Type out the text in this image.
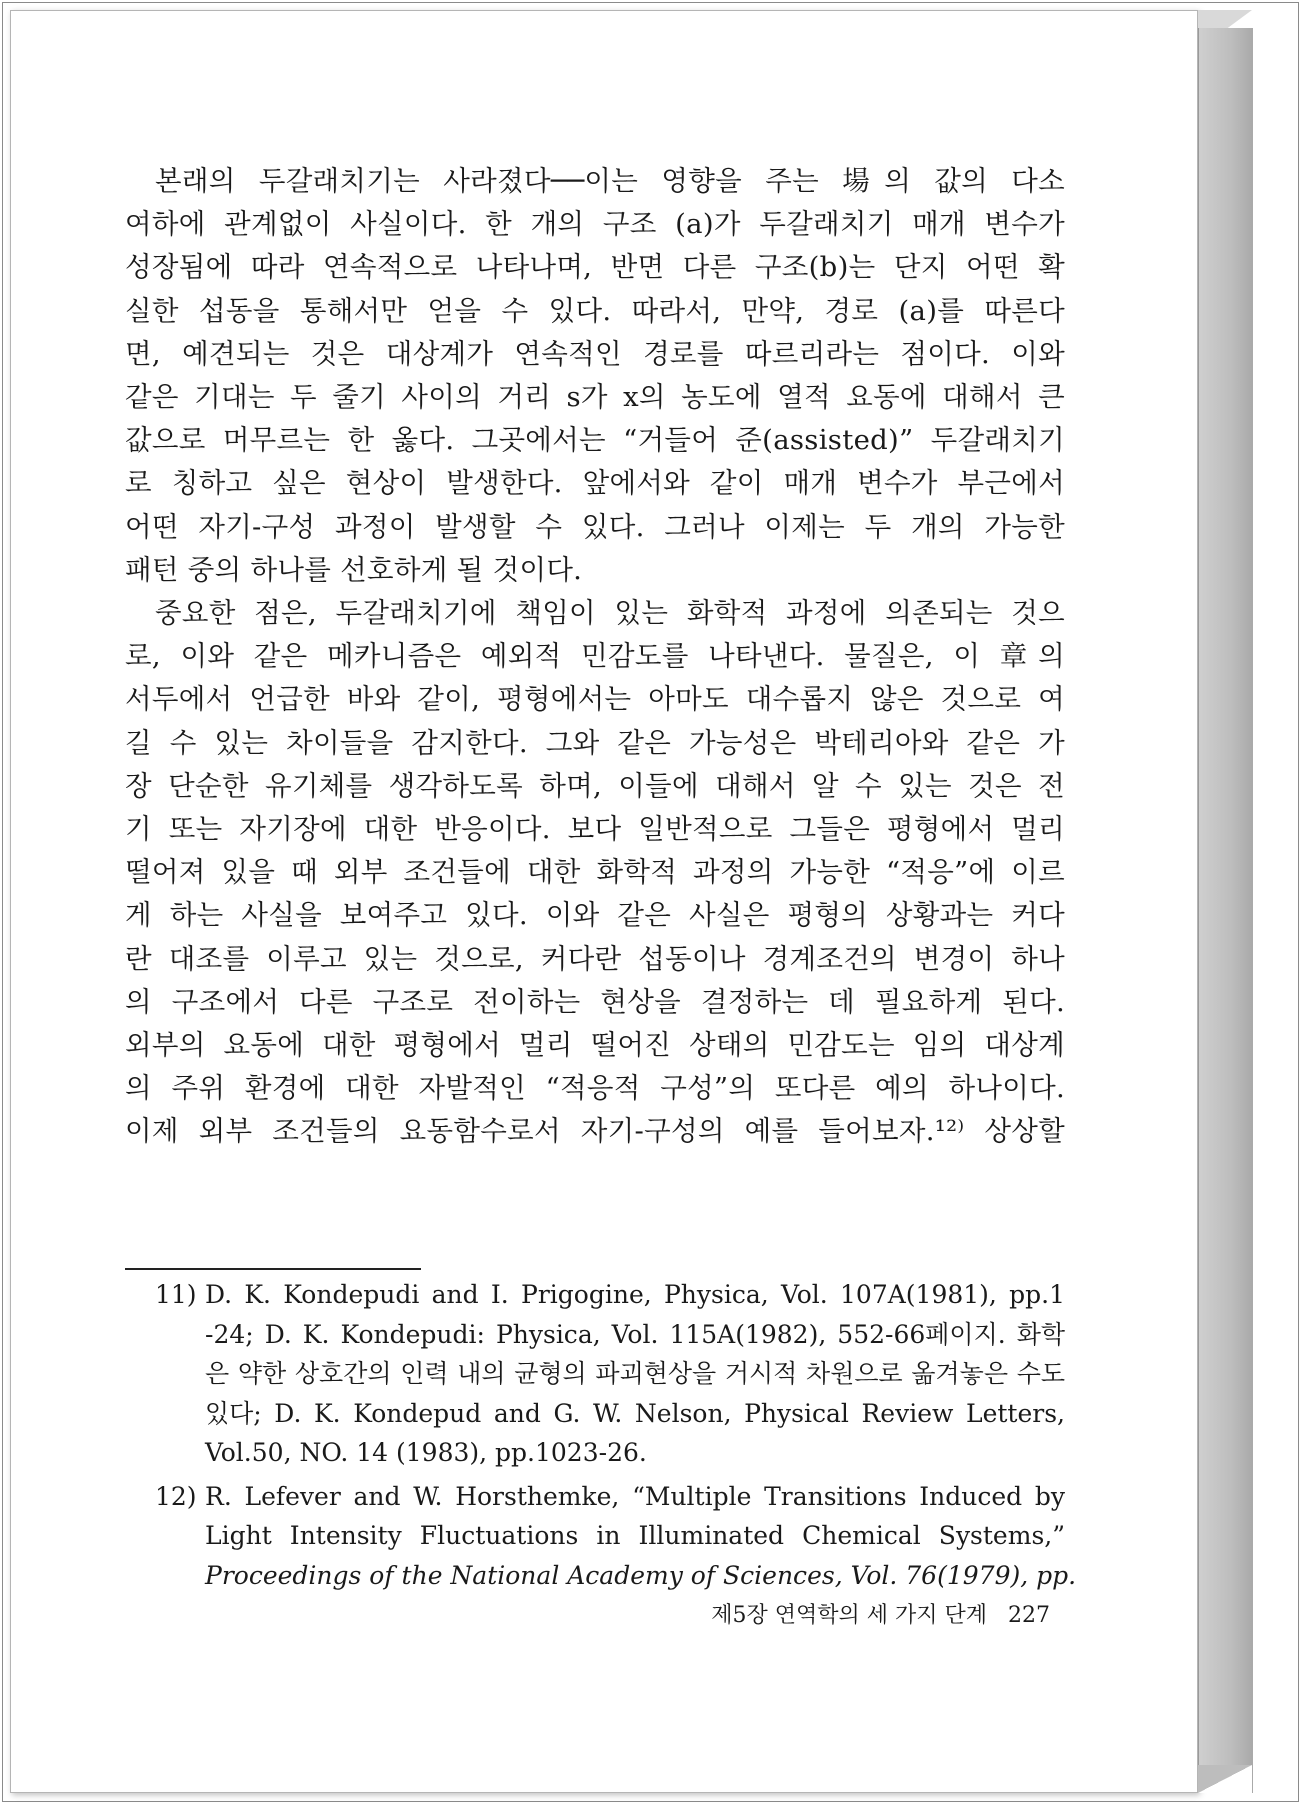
본래의 두갈래치기는 사라졌다──이는 영향을 주는 場의 값의 다소

여하에 관계없이 사실이다. 한 개의 구조 (a)가 두갈래치기 매개 변수가

성장됨에 따라 연속적으로 나타나며, 반면 다른 구조(b)는 단지 어떤 확

실한 섭동을 통해서만 얻을 수 있다. 따라서, 만약, 경로 (a)를 따른다

면, 예견되는 것은 대상계가 연속적인 경로를 따르리라는 점이다. 이와

같은 기대는 두 줄기 사이의 거리 s가 x의 농도에 열적 요동에 대해서 큰

값으로 머무르는 한 옳다. 그곳에서는 “거들어 준(assisted)” 두갈래치기

로 칭하고 싶은 현상이 발생한다. 앞에서와 같이 매개 변수가 부근에서

어떤 자기-구성 과정이 발생할 수 있다. 그러나 이제는 두 개의 가능한

패턴 중의 하나를 선호하게 될 것이다.

중요한 점은, 두갈래치기에 책임이 있는 화학적 과정에 의존되는 것으

로, 이와 같은 메카니즘은 예외적 민감도를 나타낸다. 물질은, 이 章의

서두에서 언급한 바와 같이, 평형에서는 아마도 대수롭지 않은 것으로 여

길 수 있는 차이들을 감지한다. 그와 같은 가능성은 박테리아와 같은 가

장 단순한 유기체를 생각하도록 하며, 이들에 대해서 알 수 있는 것은 전

기 또는 자기장에 대한 반응이다. 보다 일반적으로 그들은 평형에서 멀리

떨어져 있을 때 외부 조건들에 대한 화학적 과정의 가능한 “적응”에 이르

게 하는 사실을 보여주고 있다. 이와 같은 사실은 평형의 상황과는 커다

란 대조를 이루고 있는 것으로, 커다란 섭동이나 경계조건의 변경이 하나

의 구조에서 다른 구조로 전이하는 현상을 결정하는 데 필요하게 된다.

외부의 요동에 대한 평형에서 멀리 떨어진 상태의 민감도는 임의 대상계

의 주위 환경에 대한 자발적인 “적응적 구성”의 또다른 예의 하나이다.

이제 외부 조건들의 요동함수로서 자기-구성의 예를 들어보자.¹²⁾ 상상할

11) D. K. Kondepudi and I. Prigogine, Physica, Vol. 107A(1981), pp.1

-24; D. K. Kondepudi: Physica, Vol. 115A(1982), 552-66페이지. 화학

은 약한 상호간의 인력 내의 균형의 파괴현상을 거시적 차원으로 옮겨놓은 수도

있다; D. K. Kondepud and G. W. Nelson, Physical Review Letters,

Vol.50, NO. 14 (1983), pp.1023-26.

12) R. Lefever and W. Horsthemke, “Multiple Transitions Induced by

Light Intensity Fluctuations in Illuminated Chemical Systems,”

Proceedings of the National Academy of Sciences, Vol. 76(1979), pp.

제5장 연역학의 세 가지 단계 227
